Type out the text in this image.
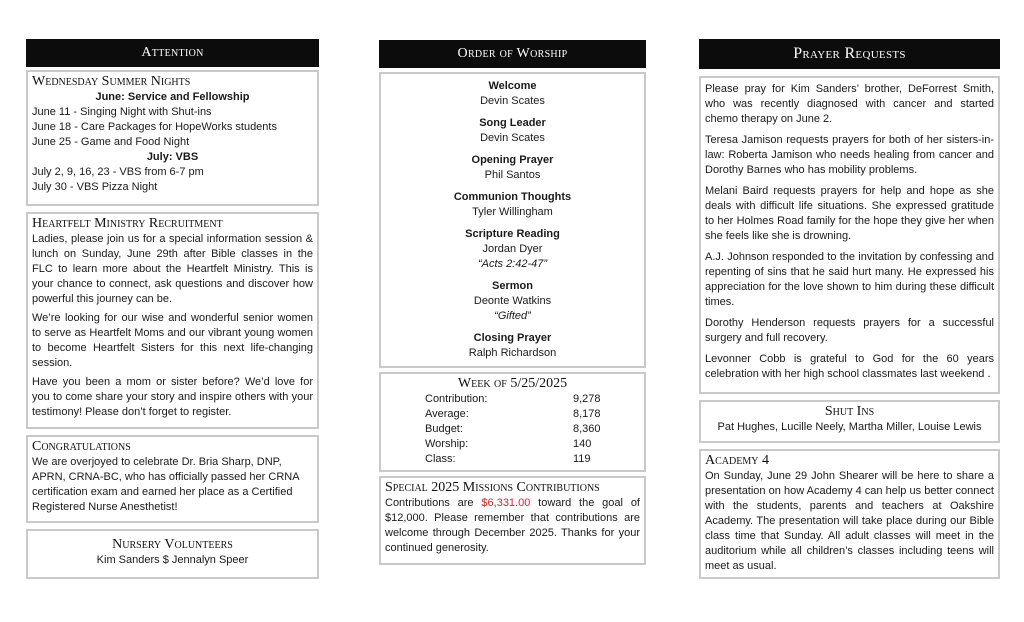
Attention
Wednesday Summer Nights
June: Service and Fellowship
June 11 - Singing Night with Shut-ins
June 18 - Care Packages for HopeWorks students
June 25 - Game and Food Night
July: VBS
July 2, 9, 16, 23 - VBS from 6-7 pm
July 30 - VBS Pizza Night
Heartfelt Ministry Recruitment

Ladies, please join us for a special information session & lunch on Sunday, June 29th after Bible classes in the FLC to learn more about the Heartfelt Ministry. This is your chance to connect, ask questions and discover how powerful this journey can be.

We’re looking for our wise and wonderful senior women to serve as Heartfelt Moms and our vibrant young women to become Heartfelt Sisters for this next life-changing session.

Have you been a mom or sister before? We’d love for you to come share your story and inspire others with your testimony! Please don’t forget to register.

Congratulations

We are overjoyed to celebrate Dr. Bria Sharp, DNP, APRN, CRNA-BC, who has officially passed her CRNA certification exam and earned her place as a Certified Registered Nurse Anesthetist!

Nursery Volunteers
Kim Sanders $ Jennalyn Speer
Order of Worship
Welcome
Devin Scates
Song Leader
Devin Scates
Opening Prayer
Phil Santos
Communion Thoughts
Tyler Willingham
Scripture Reading
Jordan Dyer
“Acts 2:42-47”
Sermon
Deonte Watkins
“Gifted”
Closing Prayer
Ralph Richardson
Week of 5/25/2025
Contribution:	9,278
Average:	8,178
Budget:	8,360
Worship:	140
Class:	119
Special 2025 Missions Contributions

Contributions are $6,331.00 toward the goal of $12,000. Please remember that contributions are welcome through December 2025. Thanks for your continued generosity.

Prayer Requests

Please pray for Kim Sanders’ brother, DeForrest Smith, who was recently diagnosed with cancer and started chemo therapy on June 2.

Teresa Jamison requests prayers for both of her sisters-in-law: Roberta Jamison who needs healing from cancer and Dorothy Barnes who has mobility problems.

Melani Baird requests prayers for help and hope as she deals with difficult life situations. She expressed gratitude to her Holmes Road family for the hope they give her when she feels like she is drowning.

A.J. Johnson responded to the invitation by confessing and repenting of sins that he said hurt many. He expressed his appreciation for the love shown to him during these difficult times.

Dorothy Henderson requests prayers for a successful surgery and full recovery.

Levonner Cobb is grateful to God for the 60 years celebration with her high school classmates last weekend .

Shut Ins
Pat Hughes, Lucille Neely, Martha Miller, Louise Lewis
Academy 4

On Sunday, June 29 John Shearer will be here to share a presentation on how Academy 4 can help us better connect with the students, parents and teachers at Oakshire Academy. The presentation will take place during our Bible class time that Sunday. All adult classes will meet in the auditorium while all children’s classes including teens will meet as usual.
